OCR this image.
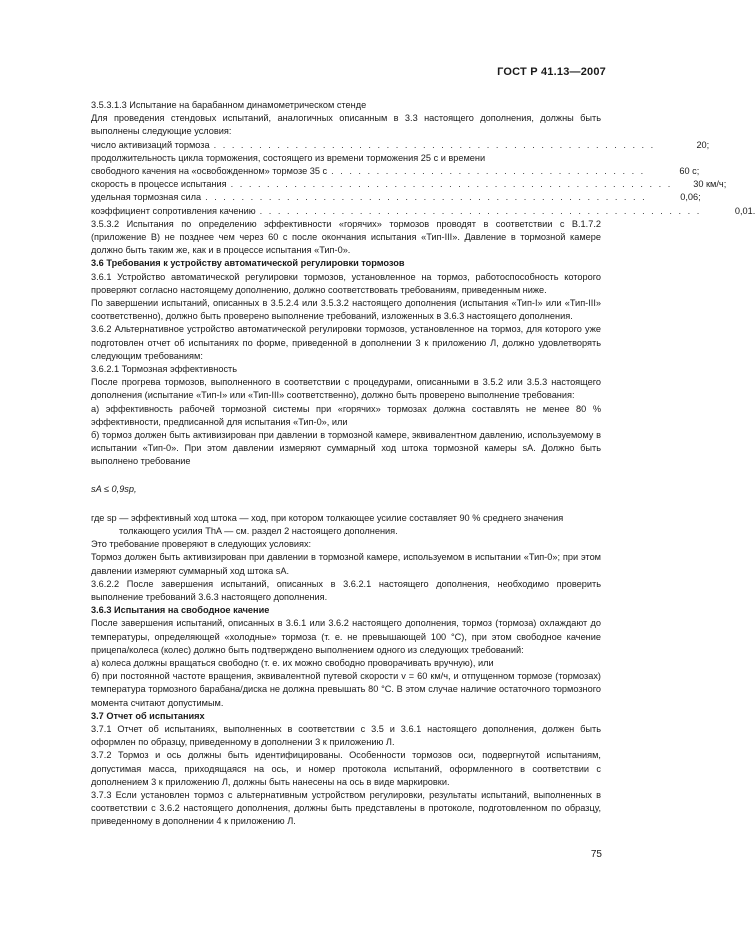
ГОСТ Р 41.13—2007

3.5.3.1.3 Испытание на барабанном динамометрическом стенде

Для проведения стендовых испытаний, аналогичных описанным в 3.3 настоящего дополнения, должны быть выполнены следующие условия:

число активизаций тормоза . . . . . . . . . . . . . . . . . . . . . . . . . . . . . . . . . . . . . . . . . . . . . . . . .	20;
продолжительность цикла торможения, состоящего из времени торможения 25 с и времени
свободного качения на «освобожденном» тормозе 35 с . . . . . . . . . . . . . . . . . . . . . . . . . . . . . . . . . . .	60 с;
скорость в процессе испытания . . . . . . . . . . . . . . . . . . . . . . . . . . . . . . . . . . . . . . . . . . . . . . . . .	30 км/ч;
удельная тормозная сила . . . . . . . . . . . . . . . . . . . . . . . . . . . . . . . . . . . . . . . . . . . . . . . . .	0,06;
коэффициент сопротивления качению . . . . . . . . . . . . . . . . . . . . . . . . . . . . . . . . . . . . . . . . . . . . . . . . .	0,01.

3.5.3.2 Испытания по определению эффективности «горячих» тормозов проводят в соответствии с В.1.7.2 (приложение В) не позднее чем через 60 с после окончания испытания «Тип-III». Давление в тормозной камере должно быть таким же, как и в процессе испытания «Тип-0».

3.6 Требования к устройству автоматической регулировки тормозов

3.6.1 Устройство автоматической регулировки тормозов, установленное на тормоз, работоспособность которого проверяют согласно настоящему дополнению, должно соответствовать требованиям, приведенным ниже.

По завершении испытаний, описанных в 3.5.2.4 или 3.5.3.2 настоящего дополнения (испытания «Тип-I» или «Тип-III» соответственно), должно быть проверено выполнение требований, изложенных в 3.6.3 настоящего дополнения.

3.6.2 Альтернативное устройство автоматической регулировки тормозов, установленное на тормоз, для которого уже подготовлен отчет об испытаниях по форме, приведенной в дополнении 3 к приложению Л, должно удовлетворять следующим требованиям:

3.6.2.1 Тормозная эффективность

После прогрева тормозов, выполненного в соответствии с процедурами, описанными в 3.5.2 или 3.5.3 настоящего дополнения (испытание «Тип-I» или «Тип-III» соответственно), должно быть проверено выполнение требования:

а) эффективность рабочей тормозной системы при «горячих» тормозах должна составлять не менее 80 % эффективности, предписанной для испытания «Тип-0», или

б) тормоз должен быть активизирован при давлении в тормозной камере, эквивалентном давлению, используемому в испытании «Тип-0». При этом давлении измеряют суммарный ход штока тормозной камеры sA. Должно быть выполнено требование

sA ≤ 0,9sp,

где sp — эффективный ход штока — ход, при котором толкающее усилие составляет 90 % среднего значения

толкающего усилия ThA — см. раздел 2 настоящего дополнения.

Это требование проверяют в следующих условиях:

Тормоз должен быть активизирован при давлении в тормозной камере, используемом в испытании «Тип-0»; при этом давлении измеряют суммарный ход штока sA.

3.6.2.2 После завершения испытаний, описанных в 3.6.2.1 настоящего дополнения, необходимо проверить выполнение требований 3.6.3 настоящего дополнения.

3.6.3 Испытания на свободное качение

После завершения испытаний, описанных в 3.6.1 или 3.6.2 настоящего дополнения, тормоз (тормоза) охлаждают до температуры, определяющей «холодные» тормоза (т. е. не превышающей 100 °С), при этом свободное качение прицепа/колеса (колес) должно быть подтверждено выполнением одного из следующих требований:

а) колеса должны вращаться свободно (т. е. их можно свободно проворачивать вручную), или

б) при постоянной частоте вращения, эквивалентной путевой скорости v = 60 км/ч, и отпущенном тормозе (тормозах) температура тормозного барабана/диска не должна превышать 80 °С. В этом случае наличие остаточного тормозного момента считают допустимым.

3.7 Отчет об испытаниях

3.7.1 Отчет об испытаниях, выполненных в соответствии с 3.5 и 3.6.1 настоящего дополнения, должен быть оформлен по образцу, приведенному в дополнении 3 к приложению Л.

3.7.2 Тормоз и ось должны быть идентифицированы. Особенности тормозов оси, подвергнутой испытаниям, допустимая масса, приходящаяся на ось, и номер протокола испытаний, оформленного в соответствии с дополнением 3 к приложению Л, должны быть нанесены на ось в виде маркировки.

3.7.3 Если установлен тормоз с альтернативным устройством регулировки, результаты испытаний, выполненных в соответствии с 3.6.2 настоящего дополнения, должны быть представлены в протоколе, подготовленном по образцу, приведенному в дополнении 4 к приложению Л.

75
